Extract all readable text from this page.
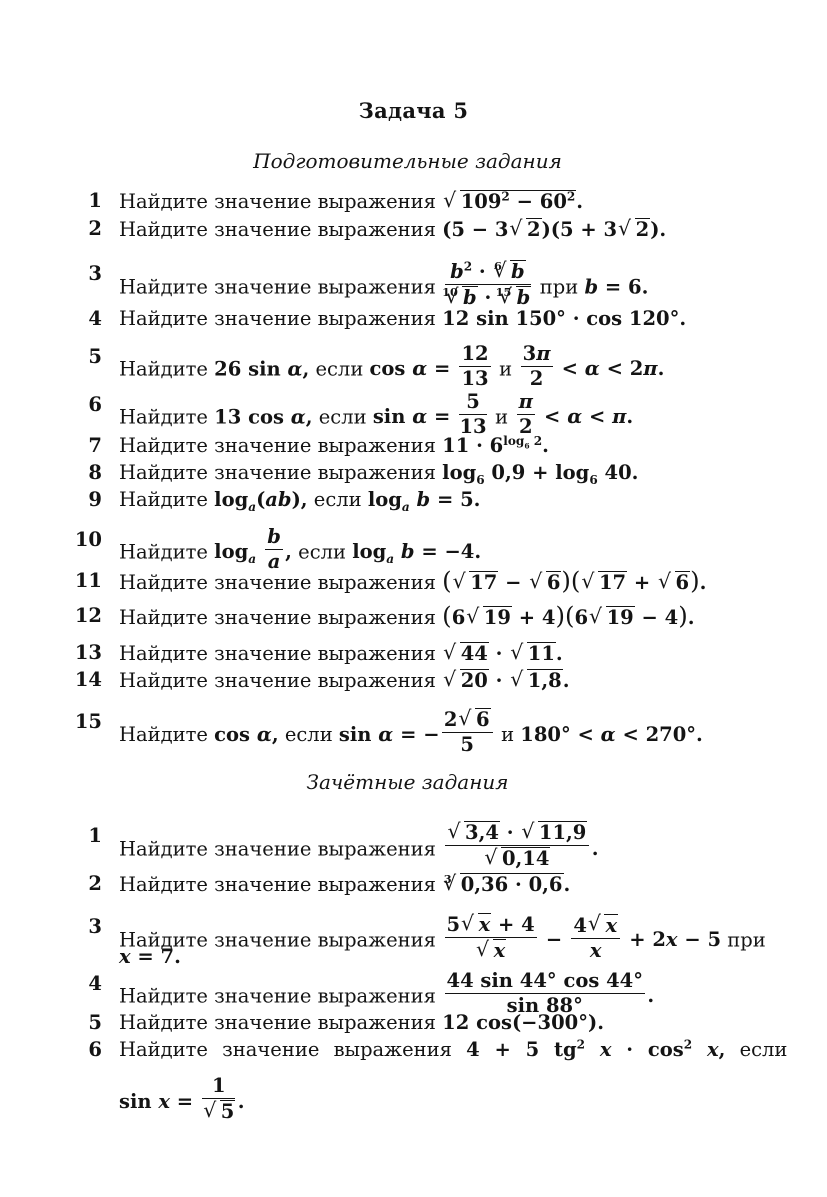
Задача 5
Подготовительные задания
1 Найдите значение выражения √ $109^2 - 60^2$.
2 Найдите значение выражения (5 − 3 √ 2)(5 + 3 √ 2).
3
Найдите значение выражения $b^2$ · √ 6 b
√ 10 b ·
√ 15 b при b = 6.
4 Найдите значение выражения 12 sin 150° · cos 120°.
5
Найдите 26 sin α, если $\cos \alpha = \frac{12}{13}$ и $\frac{3\pi}{2} < \alpha < 2\pi$.
6
Найдите 13 cos α, если $\sin \alpha = \frac{5}{13}$ и $\frac{\pi}{2} < \alpha < \pi$.
7 Найдите значение выражения $11 \cdot 6^{log_6 2}$.
8 Найдите значение выражения $\log_6 0,9 + \log_6 40$.
9 Найдите $\log_a(ab)$, если $\log_a b = 5$.
10
Найдите $\log_a \frac{b}{a}$ , если $\log_a b = -4$.
11 Найдите значение выражения ( √ 17 − √ 6)( √ 17 + √ 6).
12 Найдите значение выражения (6 √ 19 + 4)(6 √ 19 − 4).
13 Найдите значение выражения √ 44 · √ 11.
14 Найдите значение выражения √ 20 · √ 1,8.
15
Найдите cos α, если sin α = − $\frac{2 √ 6}{5}$ и 180° < α < 270°.
Зачётные задания
1
Найдите значение выражения √ 3,4 · √ 11,9
√ 0,14 .
2 Найдите значение выражения √ 3 0,36 · 0,6.
3
Найдите значение выражения 5 √ x + 4
√ $x - \frac{4 √ x}{x} + 2x - 5$ при
x = 7.
4
Найдите значение выражения $\frac{44 \sin 44^\circ \cos 44^\circ}{\sin 88^\circ}$ .
5 Найдите значение выражения 12 cos(−300°).
6 Найдите значение выражения 4 + 5 $tg^2$ $x \cdot \cos^2 x$, если
sin x = 1
√ 5 .
